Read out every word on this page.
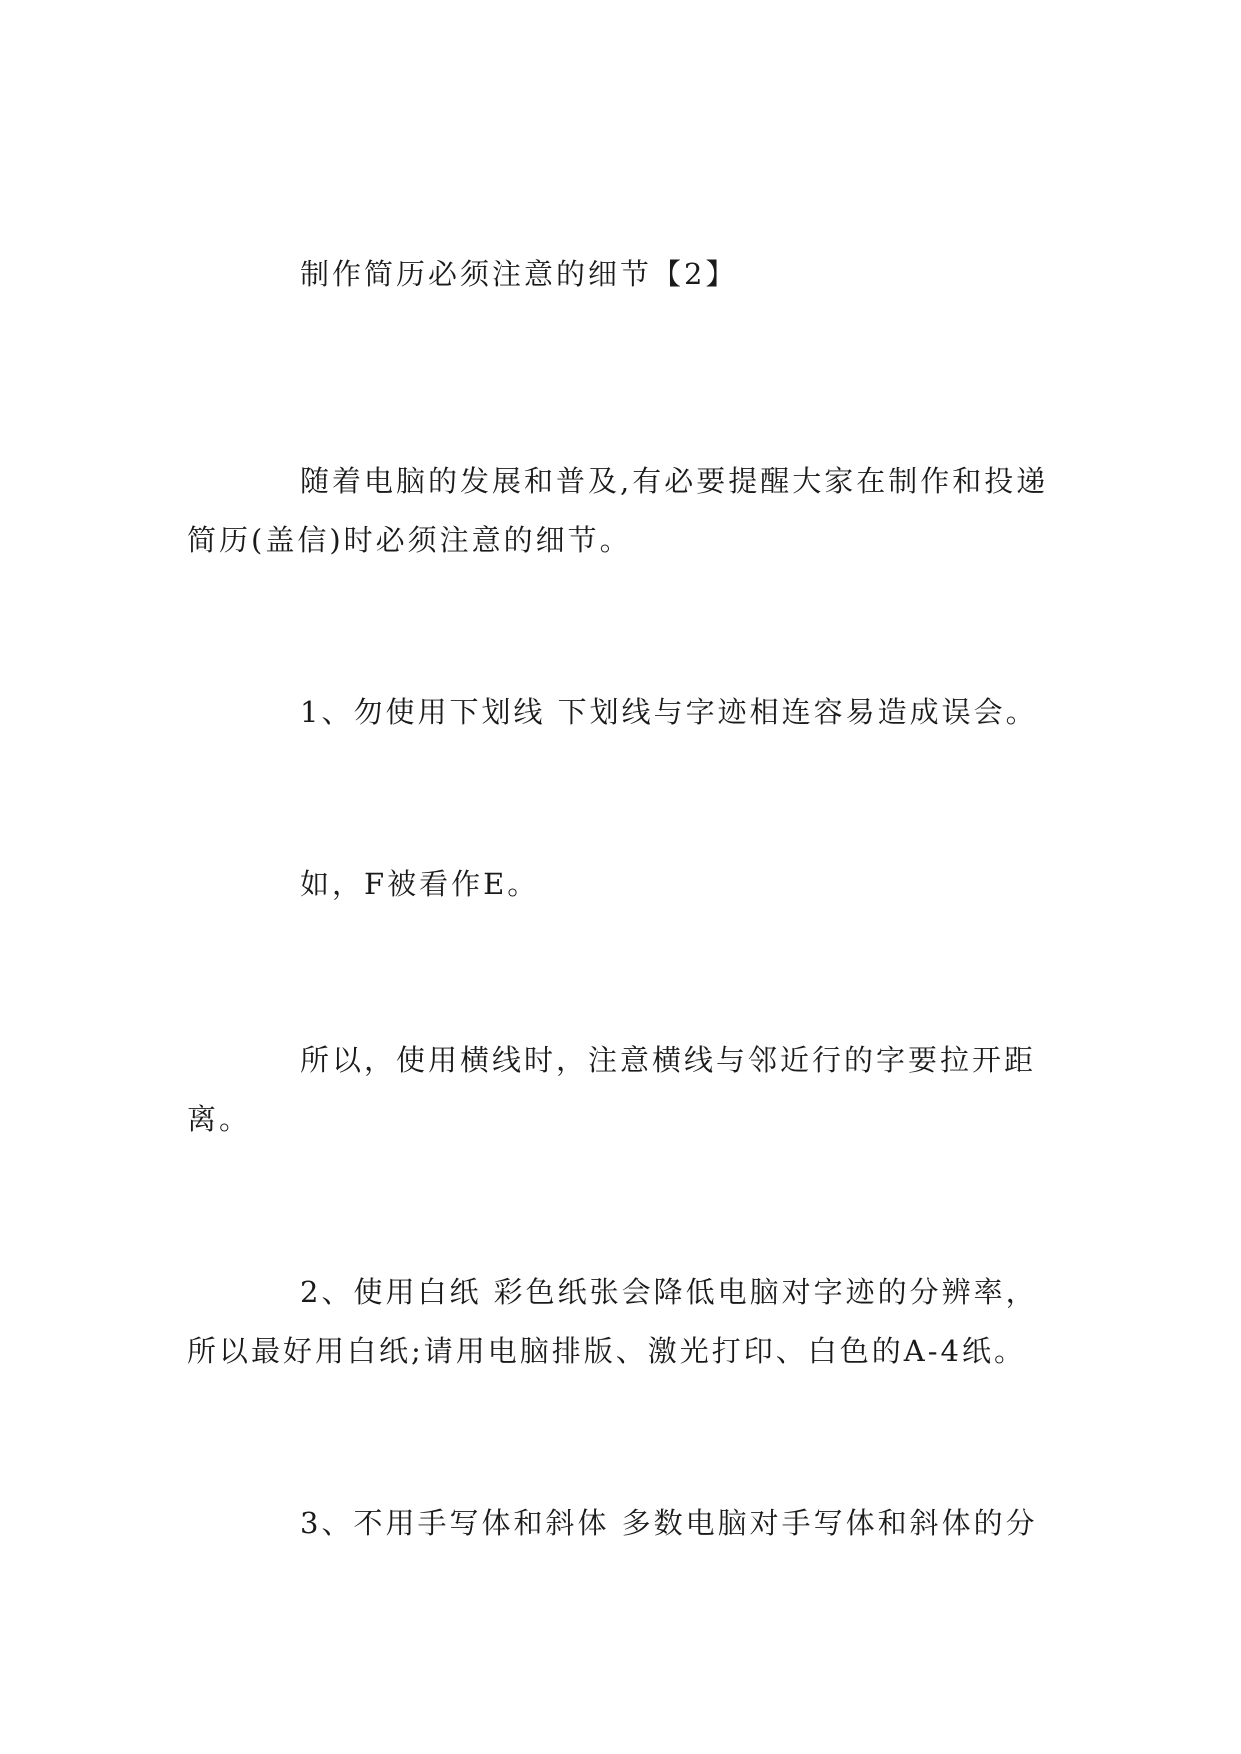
制作简历必须注意的细节【2】

随着电脑的发展和普及,有必要提醒大家在制作和投递简历(盖信)时必须注意的细节。

1、勿使用下划线 下划线与字迹相连容易造成误会。

如，F被看作E。

所以，使用横线时，注意横线与邻近行的字要拉开距离。

2、使用白纸 彩色纸张会降低电脑对字迹的分辨率，所以最好用白纸;请用电脑排版、激光打印、白色的A-4纸。

3、不用手写体和斜体 多数电脑对手写体和斜体的分
